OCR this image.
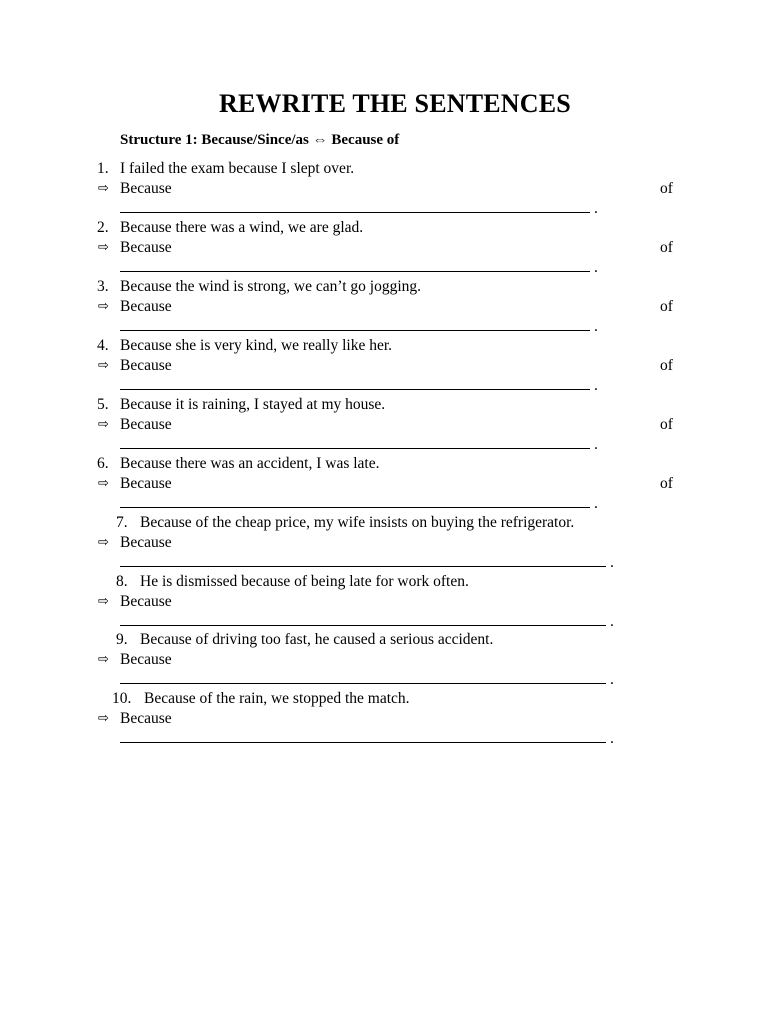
REWRITE THE SENTENCES
Structure 1: Because/Since/as ⇔ Because of
1. I failed the exam because I slept over.
⇨ Because	of
.
2. Because there was a wind, we are glad.
⇨ Because	of
.
3. Because the wind is strong, we can’t go jogging.
⇨ Because	of
.
4. Because she is very kind, we really like her.
⇨ Because	of
.
5. Because it is raining, I stayed at my house.
⇨ Because	of
.
6. Because there was an accident, I was late.
⇨ Because	of
.
7. Because of the cheap price, my wife insists on buying the refrigerator.
⇨ Because
.
8. He is dismissed because of being late for work often.
⇨ Because
.
9. Because of driving too fast, he caused a serious accident.
⇨ Because
.
10. Because of the rain, we stopped the match.
⇨ Because
.
